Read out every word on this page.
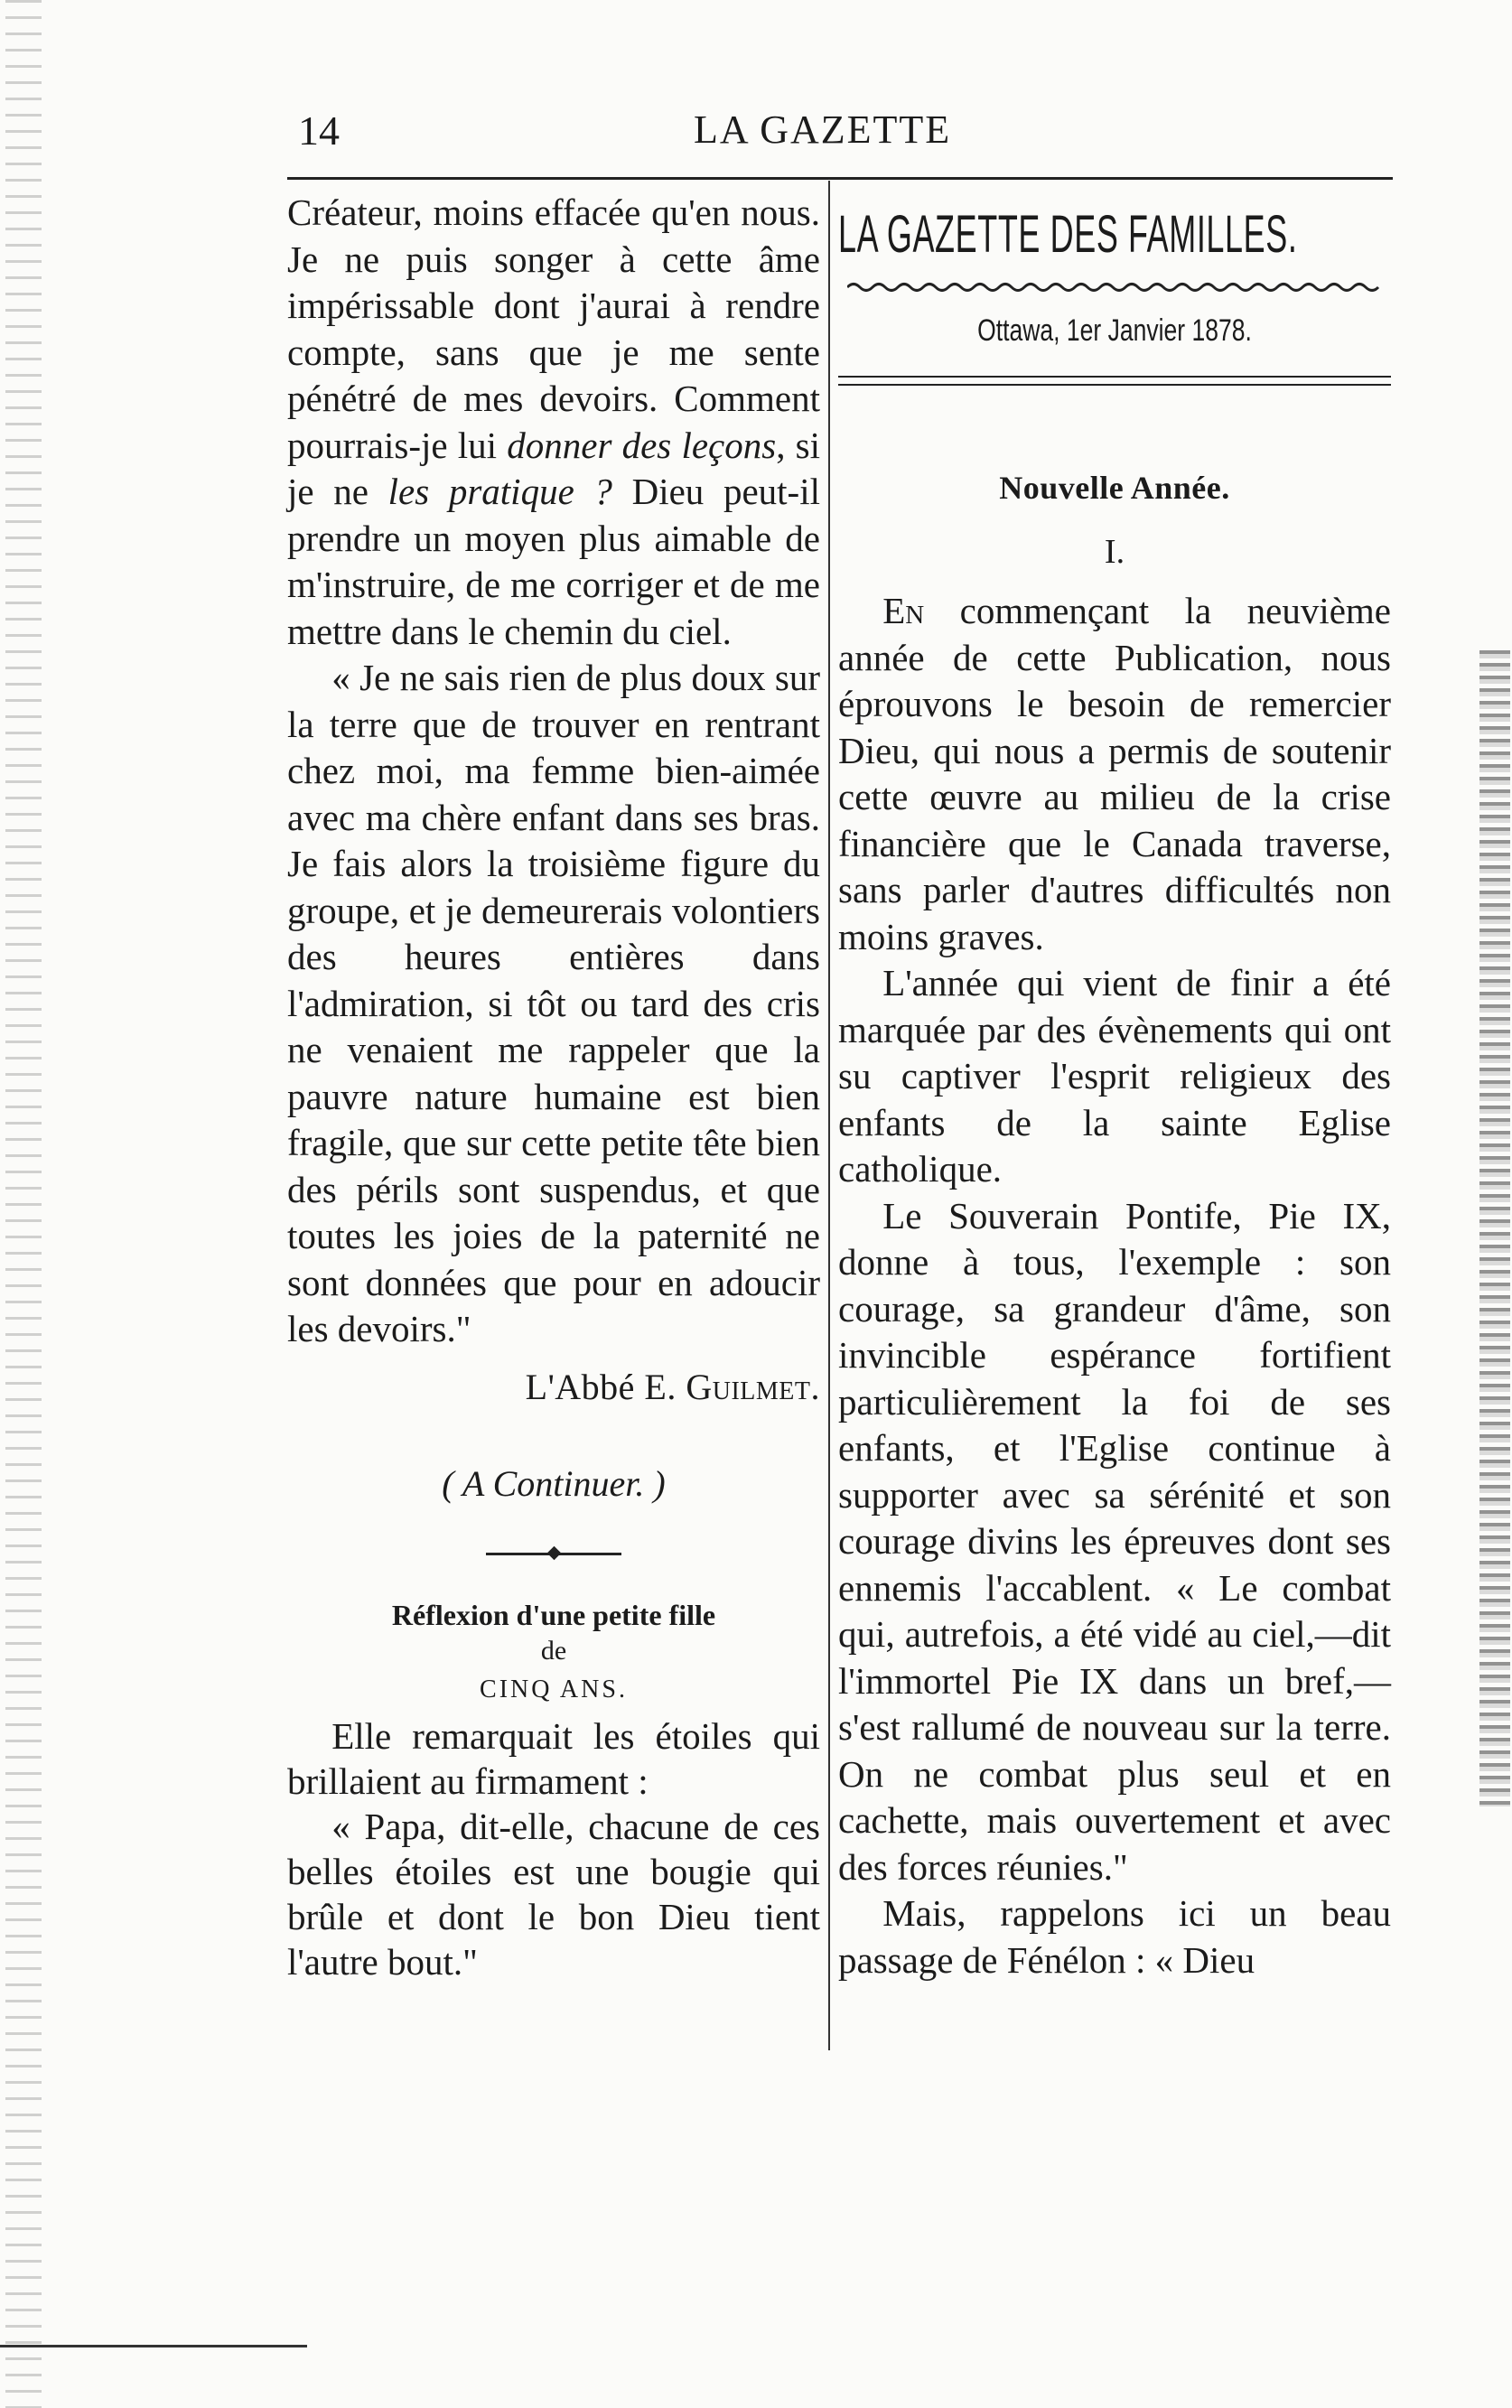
14	LA GAZETTE

Créateur, moins effacée qu'en nous. Je ne puis songer à cette âme impérissable dont j'aurai à rendre compte, sans que je me sente pénétré de mes devoirs. Comment pourrais-je lui donner des leçons, si je ne les pratique ? Dieu peut-il prendre un moyen plus aimable de m'instruire, de me corriger et de me mettre dans le chemin du ciel.

« Je ne sais rien de plus doux sur la terre que de trouver en rentrant chez moi, ma femme bien-aimée avec ma chère enfant dans ses bras. Je fais alors la troisième figure du groupe, et je demeurerais volontiers des heures entières dans l'admiration, si tôt ou tard des cris ne venaient me rappeler que la pauvre nature humaine est bien fragile, que sur cette petite tête bien des périls sont suspendus, et que toutes les joies de la paternité ne sont données que pour en adoucir les devoirs."

L'Abbé E. Guilmet.

( A Continuer. )

Réflexion d'une petite fille

de

CINQ ANS.

Elle remarquait les étoiles qui brillaient au firmament :

« Papa, dit-elle, chacune de ces belles étoiles est une bougie qui brûle et dont le bon Dieu tient l'autre bout."

LA GAZETTE DES FAMILLES.
Ottawa, 1er Janvier 1878.
Nouvelle Année.
I.

En commençant la neuvième année de cette Publication, nous éprouvons le besoin de remercier Dieu, qui nous a permis de soutenir cette œuvre au milieu de la crise financière que le Canada traverse, sans parler d'autres difficultés non moins graves.

L'année qui vient de finir a été marquée par des évènements qui ont su captiver l'esprit religieux des enfants de la sainte Eglise catholique.

Le Souverain Pontife, Pie IX, donne à tous, l'exemple : son courage, sa grandeur d'âme, son invincible espérance fortifient particulièrement la foi de ses enfants, et l'Eglise continue à supporter avec sa sérénité et son courage divins les épreuves dont ses ennemis l'accablent. « Le combat qui, autrefois, a été vidé au ciel,—dit l'immortel Pie IX dans un bref,—s'est rallumé de nouveau sur la terre. On ne combat plus seul et en cachette, mais ouvertement et avec des forces réunies."

Mais, rappelons ici un beau passage de Fénélon : « Dieu
